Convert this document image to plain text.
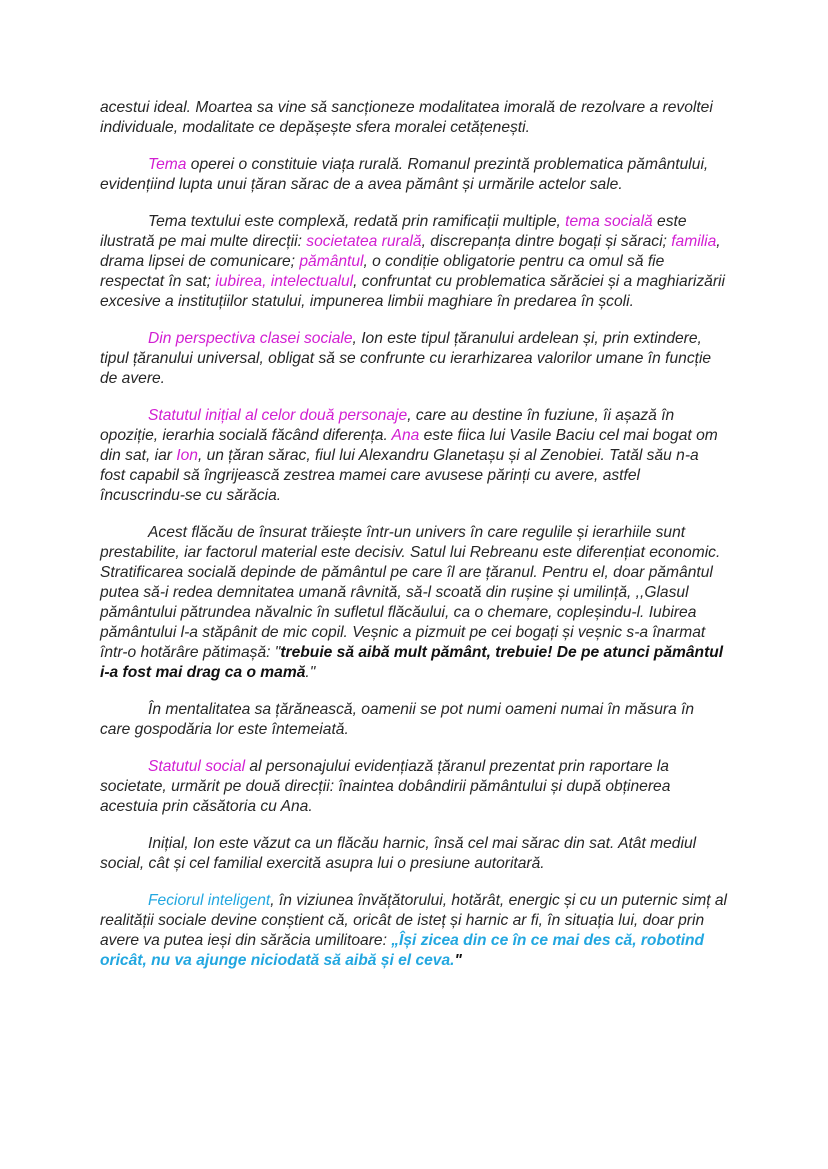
acestui ideal. Moartea sa vine să sancționeze modalitatea imorală de rezolvare a revoltei individuale, modalitate ce depășește sfera moralei cetățenești.

Tema operei o constituie viața rurală. Romanul prezintă problematica pământului, evidențiind lupta unui țăran sărac de a avea pământ și urmările actelor sale.

Tema textului este complexă, redată prin ramificații multiple, tema socială este ilustrată pe mai multe direcții: societatea rurală, discrepanța dintre bogați și săraci; familia, drama lipsei de comunicare; pământul, o condiție obligatorie pentru ca omul să fie respectat în sat; iubirea, intelectualul, confruntat cu problematica sărăciei și a maghiarizării excesive a instituțiilor statului, impunerea limbii maghiare în predarea în școli.

Din perspectiva clasei sociale, Ion este tipul țăranului ardelean și, prin extindere, tipul țăranului universal, obligat să se confrunte cu ierarhizarea valorilor umane în funcție de avere.

Statutul inițial al celor două personaje, care au destine în fuziune, îi așază în opoziție, ierarhia socială făcând diferența. Ana este fiica lui Vasile Baciu cel mai bogat om din sat, iar Ion, un țăran sărac, fiul lui Alexandru Glanetașu și al Zenobiei. Tatăl său n-a fost capabil să îngrijească zestrea mamei care avusese părinți cu avere, astfel încuscrindu-se cu sărăcia.

Acest flăcău de însurat trăiește într-un univers în care regulile și ierarhiile sunt prestabilite, iar factorul material este decisiv. Satul lui Rebreanu este diferențiat economic. Stratificarea socială depinde de pământul pe care îl are țăranul. Pentru el, doar pământul putea să-i redea demnitatea umană râvnită, să-l scoată din rușine și umilință, ,,Glasul pământului pătrundea năvalnic în sufletul flăcăului, ca o chemare, copleșindu-l. Iubirea pământului l-a stăpânit de mic copil. Veșnic a pizmuit pe cei bogați și veșnic s-a înarmat într-o hotărâre pătimașă: "trebuie să aibă mult pământ, trebuie! De pe atunci pământul i-a fost mai drag ca o mamă."

În mentalitatea sa țărănească, oamenii se pot numi oameni numai în măsura în care gospodăria lor este întemeiată.

Statutul social al personajului evidențiază țăranul prezentat prin raportare la societate, urmărit pe două direcții: înaintea dobândirii pământului și după obținerea acestuia prin căsătoria cu Ana.

Inițial, Ion este văzut ca un flăcău harnic, însă cel mai sărac din sat. Atât mediul social, cât și cel familial exercită asupra lui o presiune autoritară.

Feciorul inteligent, în viziunea învățătorului, hotărât, energic și cu un puternic simț al realității sociale devine conștient că, oricât de isteț și harnic ar fi, în situația lui, doar prin avere va putea ieși din sărăcia umilitoare: „Își zicea din ce în ce mai des că, robotind oricât, nu va ajunge niciodată să aibă și el ceva."
